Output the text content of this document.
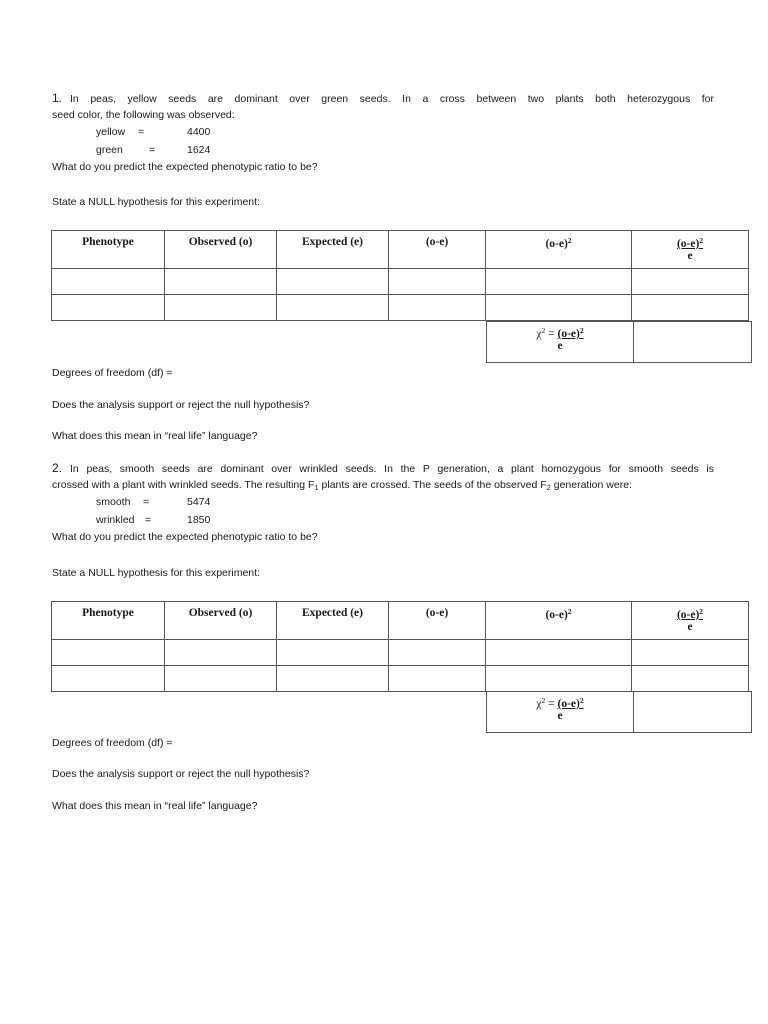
1. In peas, yellow seeds are dominant over green seeds. In a cross between two plants both heterozygous for
seed color, the following was observed:
yellow =	4400
green =	1624
What do you predict the expected phenotypic ratio to be?
State a NULL hypothesis for this experiment:
Phenotype	Observed (o)	Expected (e)	(o-e)	$(o-e)^2$	$(o-e)^2$
e

$\chi^2 = (o-e)^2$
e

Degrees of freedom (df) =
Does the analysis support or reject the null hypothesis?
What does this mean in “real life” language?
2. In peas, smooth seeds are dominant over wrinkled seeds. In the P generation, a plant homozygous for smooth seeds is
crossed with a plant with wrinkled seeds. The resulting $F_1$ plants are crossed. The seeds of the observed $F_2$ generation were:
smooth =	5474
wrinkled =	1850
What do you predict the expected phenotypic ratio to be?
State a NULL hypothesis for this experiment:
Phenotype	Observed (o)	Expected (e)	(o-e)	$(o-e)^2$	$(o-e)^2$
e

$\chi^2 = (o-e)^2$
e

Degrees of freedom (df) =
Does the analysis support or reject the null hypothesis?
What does this mean in “real life” language?
